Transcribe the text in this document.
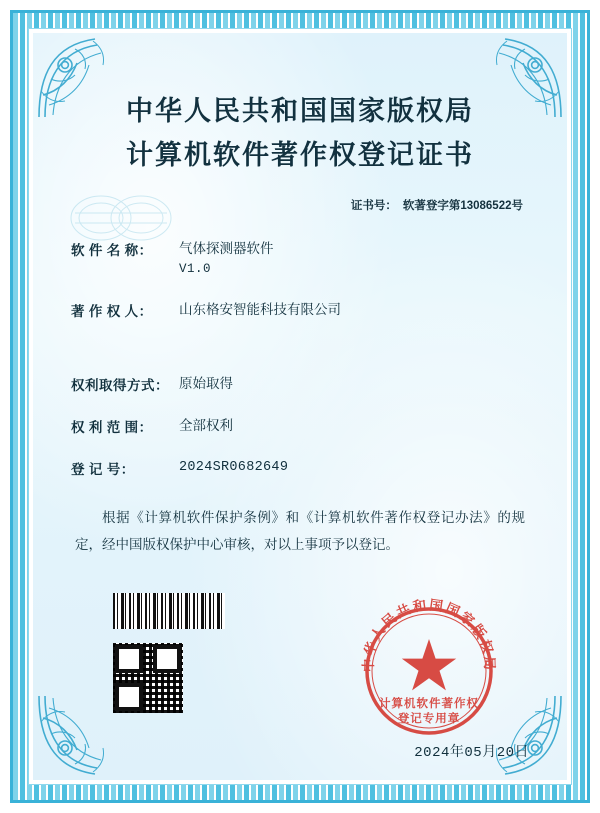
中华人民共和国国家版权局
计算机软件著作权登记证书
证书号： 软著登字第13086522号
软 件 名 称：	气体探测器软件
V1.0
著 作 权 人：	山东格安智能科技有限公司
权利取得方式： 原始取得
权 利 范 围：	全部权利
登 记 号：	2024SR0682649

根据《计算机软件保护条例》和《计算机软件著作权登记办法》的规定，经中国版权保护中心审核，对以上事项予以登记。

中华人民共和国国家版权局
计算机软件著作权
登记专用章
2024年05月20日
